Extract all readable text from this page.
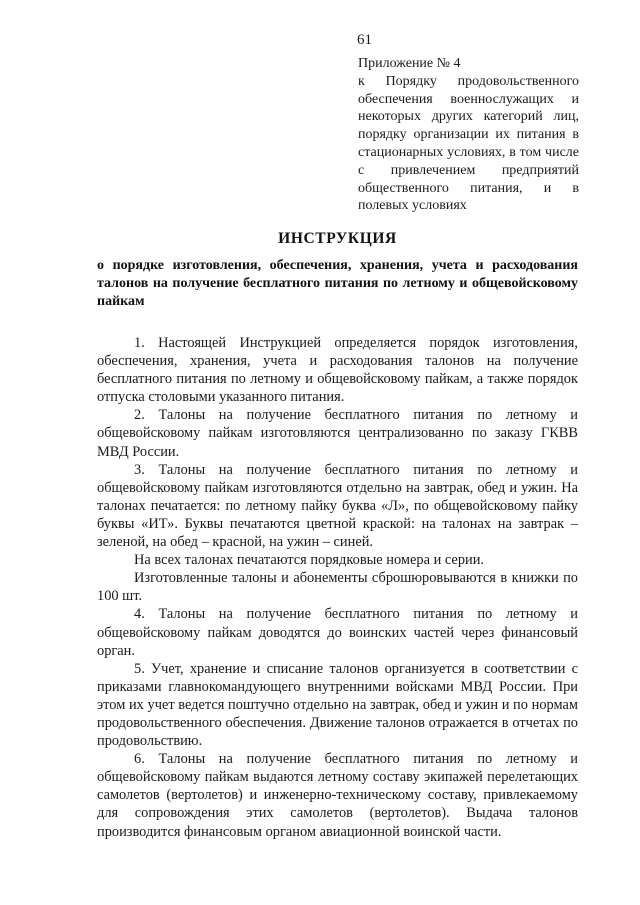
61
Приложение № 4
к Порядку продовольственного обеспечения военнослужащих и некоторых других категорий лиц, порядку организации их питания в стационарных условиях, в том числе с привлечением предприятий общественного питания, и в полевых условиях
ИНСТРУКЦИЯ
о порядке изготовления, обеспечения, хранения, учета и расходования талонов на получение бесплатного питания по летному и общевойсковому пайкам

1. Настоящей Инструкцией определяется порядок изготовления, обеспечения, хранения, учета и расходования талонов на получение бесплатного питания по летному и общевойсковому пайкам, а также порядок отпуска столовыми указанного питания.

2. Талоны на получение бесплатного питания по летному и общевойсковому пайкам изготовляются централизованно по заказу ГКВВ МВД России.

3. Талоны на получение бесплатного питания по летному и общевойсковому пайкам изготовляются отдельно на завтрак, обед и ужин. На талонах печатается: по летному пайку буква «Л», по общевойсковому пайку буквы «ИТ». Буквы печатаются цветной краской: на талонах на завтрак – зеленой, на обед – красной, на ужин – синей.

На всех талонах печатаются порядковые номера и серии.

Изготовленные талоны и абонементы сброшюровываются в книжки по 100 шт.

4. Талоны на получение бесплатного питания по летному и общевойсковому пайкам доводятся до воинских частей через финансовый орган.

5. Учет, хранение и списание талонов организуется в соответствии с приказами главнокомандующего внутренними войсками МВД России. При этом их учет ведется поштучно отдельно на завтрак, обед и ужин и по нормам продовольственного обеспечения. Движение талонов отражается в отчетах по продовольствию.

6. Талоны на получение бесплатного питания по летному и общевойсковому пайкам выдаются летному составу экипажей перелетающих самолетов (вертолетов) и инженерно-техническому составу, привлекаемому для сопровождения этих самолетов (вертолетов). Выдача талонов производится финансовым органом авиационной воинской части.
